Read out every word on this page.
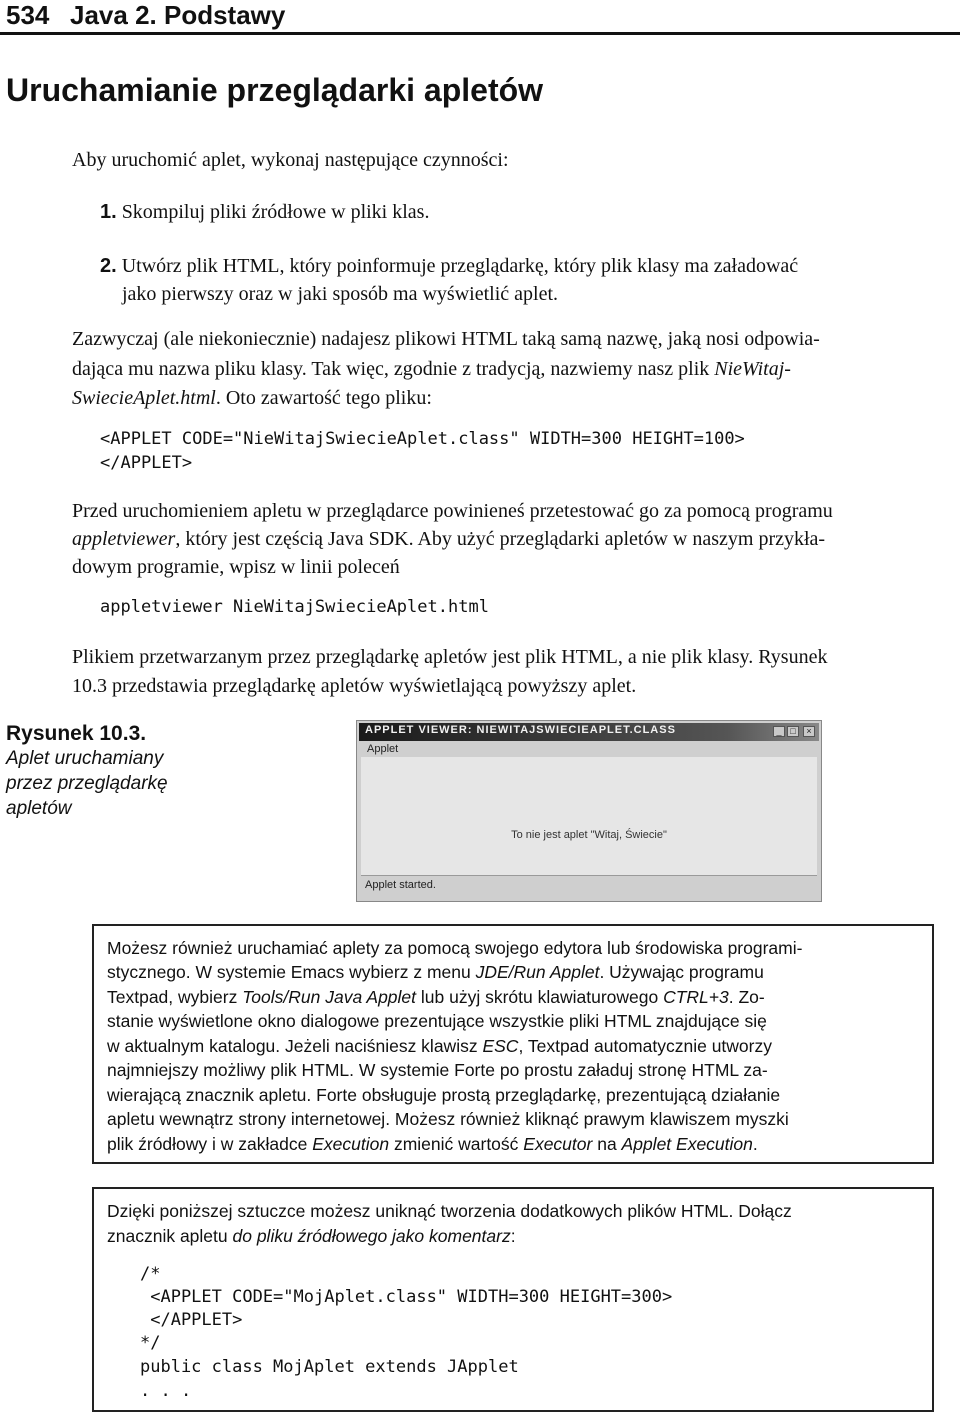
534 Java 2. Podstawy
Uruchamianie przeglądarki apletów
Aby uruchomić aplet, wykonaj następujące czynności:
1. Skompiluj pliki źródłowe w pliki klas.
2. Utwórz plik HTML, który poinformuje przeglądarkę, który plik klasy ma załadować
jako pierwszy oraz w jaki sposób ma wyświetlić aplet.
Zazwyczaj (ale niekoniecznie) nadajesz plikowi HTML taką samą nazwę, jaką nosi odpowia-
dająca mu nazwa pliku klasy. Tak więc, zgodnie z tradycją, nazwiemy nasz plik NieWitaj-
SwiecieAplet.html. Oto zawartość tego pliku:
<APPLET CODE="NieWitajSwiecieAplet.class" WIDTH=300 HEIGHT=100>
</APPLET>
Przed uruchomieniem apletu w przeglądarce powinieneś przetestować go za pomocą programu
appletviewer, który jest częścią Java SDK. Aby użyć przeglądarki apletów w naszym przykła-
dowym programie, wpisz w linii poleceń
appletviewer NieWitajSwiecieAplet.html
Plikiem przetwarzanym przez przeglądarkę apletów jest plik HTML, a nie plik klasy. Rysunek
10.3 przedstawia przeglądarkę apletów wyświetlającą powyższy aplet.
Rysunek 10.3.
Aplet uruchamiany
przez przeglądarkę
apletów
APPLET VIEWER: NIEWITAJSWIECIEAPLET.CLASS	_ □	×
Applet
To nie jest aplet "Witaj, Świecie"
Applet started.
Możesz również uruchamiać aplety za pomocą swojego edytora lub środowiska programi-
stycznego. W systemie Emacs wybierz z menu JDE/Run Applet. Używając programu
Textpad, wybierz Tools/Run Java Applet lub użyj skrótu klawiaturowego CTRL+3. Zo-
stanie wyświetlone okno dialogowe prezentujące wszystkie pliki HTML znajdujące się
w aktualnym katalogu. Jeżeli naciśniesz klawisz ESC, Textpad automatycznie utworzy
najmniejszy możliwy plik HTML. W systemie Forte po prostu załaduj stronę HTML za-
wierającą znacznik apletu. Forte obsługuje prostą przeglądarkę, prezentującą działanie
apletu wewnątrz strony internetowej. Możesz również kliknąć prawym klawiszem myszki
plik źródłowy i w zakładce Execution zmienić wartość Executor na Applet Execution.
Dzięki poniższej sztuczce możesz uniknąć tworzenia dodatkowych plików HTML. Dołącz
znacznik apletu do pliku źródłowego jako komentarz:
/*
<APPLET CODE="MojAplet.class" WIDTH=300 HEIGHT=300>
</APPLET>
*/
public class MojAplet extends JApplet
. . .
